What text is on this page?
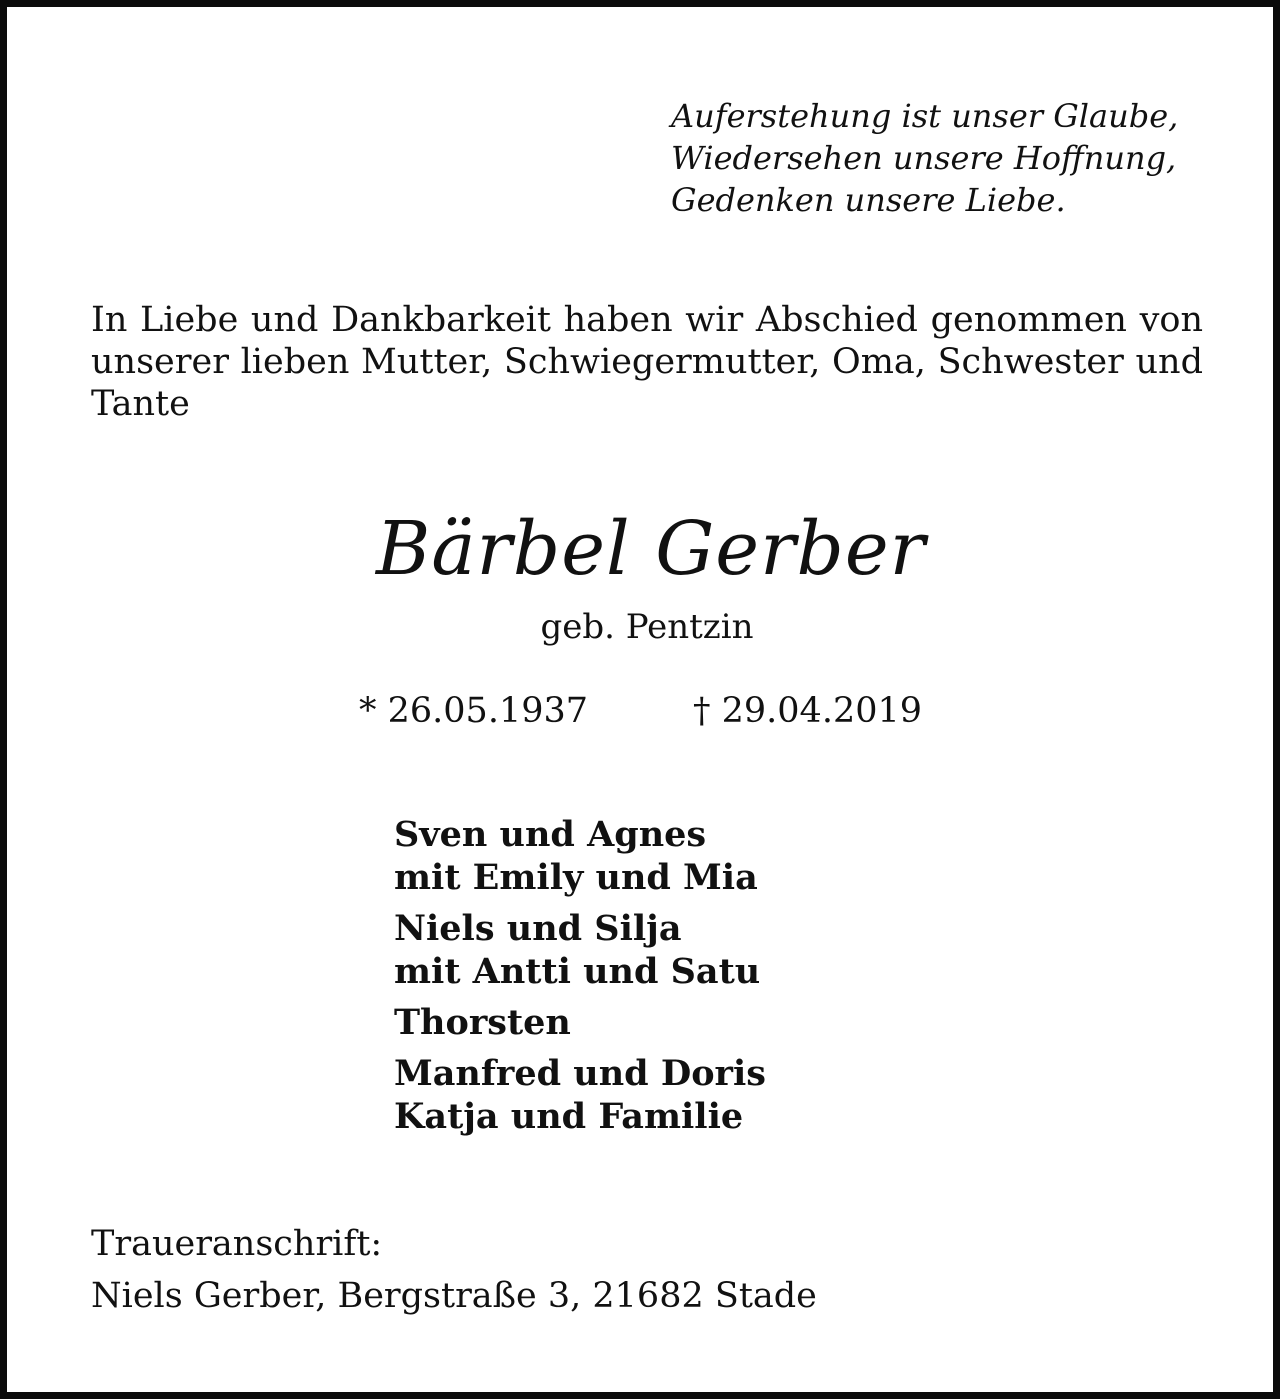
Auferstehung ist unser Glaube,
Wiedersehen unsere Hoffnung,
Gedenken unsere Liebe.
In Liebe und Dankbarkeit haben wir Abschied genommen von unserer lieben Mutter, Schwiegermutter, Oma, Schwester und Tante
Bärbel Gerber
geb. Pentzin
* 26.05.1937	† 29.04.2019
Sven und Agnes
mit Emily und Mia
Niels und Silja
mit Antti und Satu
Thorsten
Manfred und Doris
Katja und Familie
Traueranschrift:
Niels Gerber, Bergstraße 3, 21682 Stade
